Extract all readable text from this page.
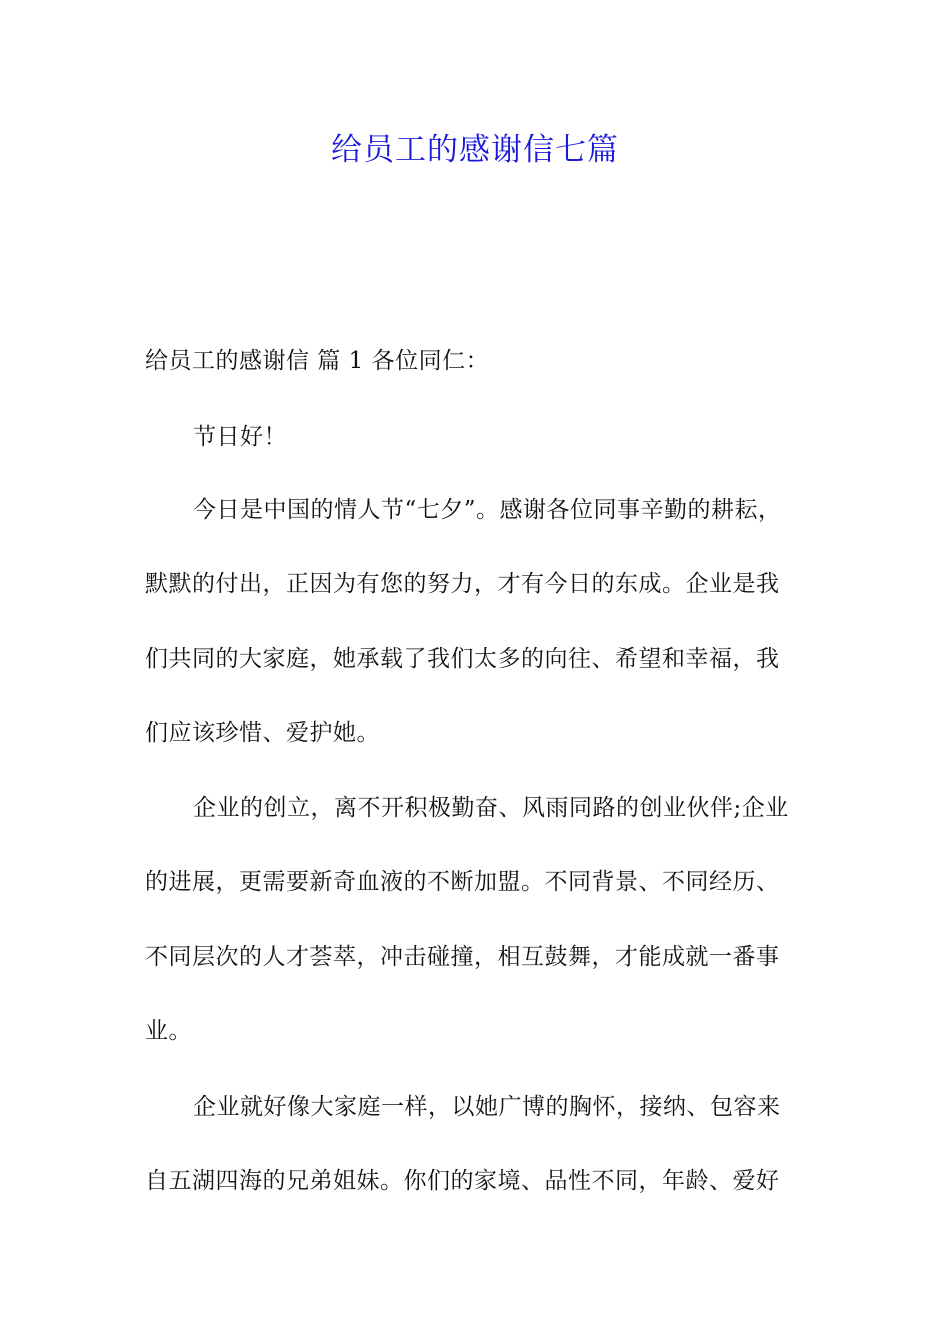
给员工的感谢信七篇
给员工的感谢信 篇 1 各位同仁：
节日好！
今日是中国的情人节“七夕”。感谢各位同事辛勤的耕耘，
默默的付出，正因为有您的努力，才有今日的东成。企业是我
们共同的大家庭，她承载了我们太多的向往、希望和幸福，我
们应该珍惜、爱护她。
企业的创立，离不开积极勤奋、风雨同路的创业伙伴;企业
的进展，更需要新奇血液的不断加盟。不同背景、不同经历、
不同层次的人才荟萃，冲击碰撞，相互鼓舞，才能成就一番事
业。
企业就好像大家庭一样，以她广博的胸怀，接纳、包容来
自五湖四海的兄弟姐妹。你们的家境、品性不同，年龄、爱好
